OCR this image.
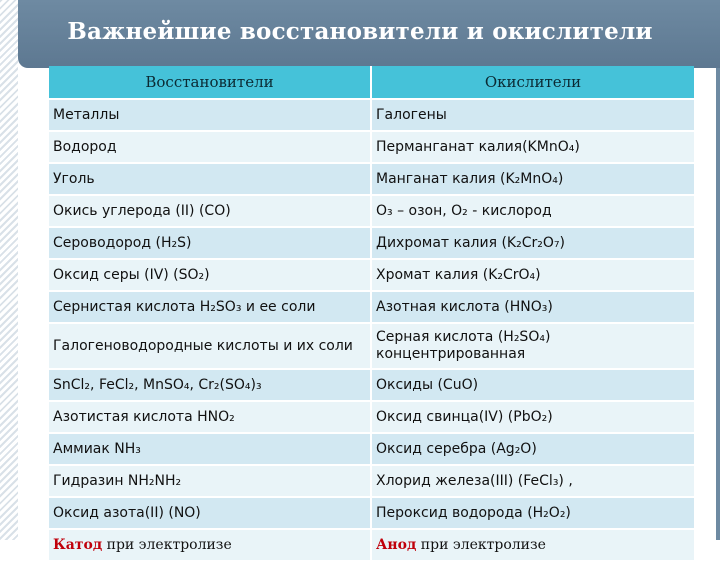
Важнейшие восстановители и окислители
Восстановители	Окислители
Металлы	Галогены
Водород	Перманганат калия(KMnO₄)
Уголь	Манганат калия (K₂MnO₄)
Окись углерода (II) (CO)	O₃ – озон, O₂ - кислород
Сероводород (H₂S)	Дихромат калия (K₂Cr₂O₇)
Оксид серы (IV) (SO₂)	Хромат калия (K₂CrO₄)
Сернистая кислота H₂SO₃ и ее соли	Азотная кислота (HNO₃)
Галогеноводородные кислоты и их соли	Серная кислота (H₂SO₄) концентрированная
SnCl₂, FeCl₂, MnSO₄, Cr₂(SO₄)₃	Оксиды (CuO)
Азотистая кислота HNO₂	Оксид свинца(IV) (PbO₂)
Аммиак NH₃	Оксид серебра (Ag₂O)
Гидразин NH₂NH₂	Хлорид железа(III) (FeCl₃) ,
Оксид азота(II) (NO)	Пероксид водорода (H₂O₂)
Катод при электролизе	Анод при электролизе
